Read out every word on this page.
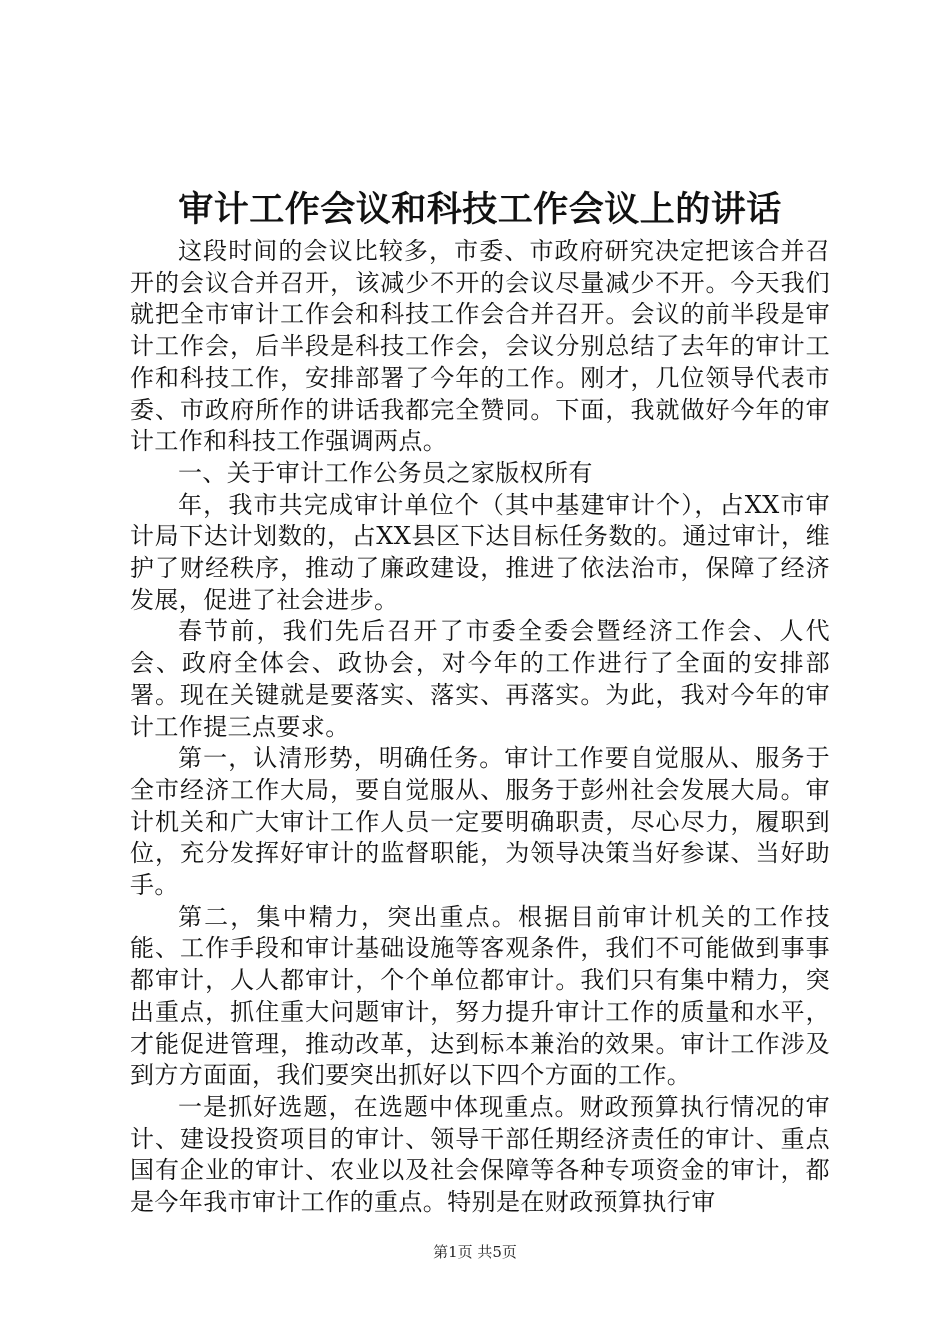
审计工作会议和科技工作会议上的讲话

这段时间的会议比较多，市委、市政府研究决定把该合并召开的会议合并召开，该减少不开的会议尽量减少不开。今天我们就把全市审计工作会和科技工作会合并召开。会议的前半段是审计工作会，后半段是科技工作会，会议分别总结了去年的审计工作和科技工作，安排部署了今年的工作。刚才，几位领导代表市委、市政府所作的讲话我都完全赞同。下面，我就做好今年的审计工作和科技工作强调两点。

一、关于审计工作公务员之家版权所有

年，我市共完成审计单位个（其中基建审计个），占XX市审计局下达计划数的，占XX县区下达目标任务数的。通过审计，维护了财经秩序，推动了廉政建设，推进了依法治市，保障了经济发展，促进了社会进步。

春节前，我们先后召开了市委全委会暨经济工作会、人代会、政府全体会、政协会，对今年的工作进行了全面的安排部署。现在关键就是要落实、落实、再落实。为此，我对今年的审计工作提三点要求。

第一，认清形势，明确任务。审计工作要自觉服从、服务于全市经济工作大局，要自觉服从、服务于彭州社会发展大局。审计机关和广大审计工作人员一定要明确职责，尽心尽力，履职到位，充分发挥好审计的监督职能，为领导决策当好参谋、当好助手。

第二，集中精力，突出重点。根据目前审计机关的工作技能、工作手段和审计基础设施等客观条件，我们不可能做到事事都审计，人人都审计，个个单位都审计。我们只有集中精力，突出重点，抓住重大问题审计，努力提升审计工作的质量和水平，才能促进管理，推动改革，达到标本兼治的效果。审计工作涉及到方方面面，我们要突出抓好以下四个方面的工作。

一是抓好选题，在选题中体现重点。财政预算执行情况的审计、建设投资项目的审计、领导干部任期经济责任的审计、重点国有企业的审计、农业以及社会保障等各种专项资金的审计，都是今年我市审计工作的重点。特别是在财政预算执行审

第1页 共5页
